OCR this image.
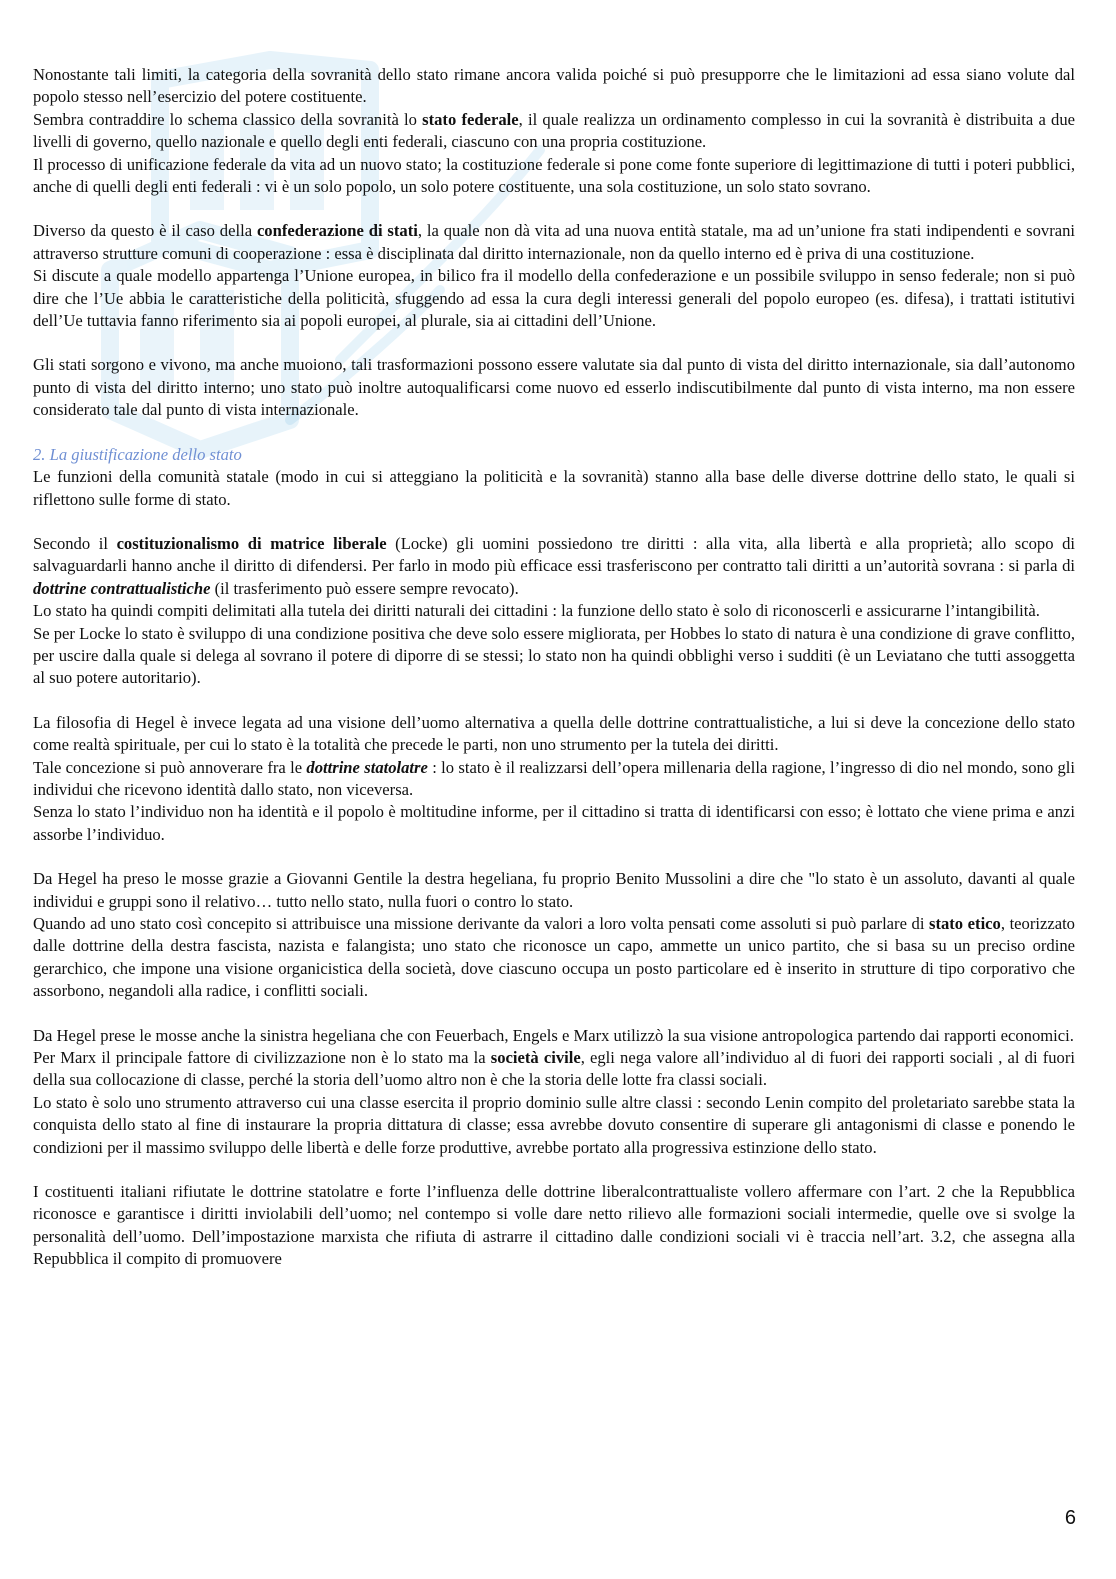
Nonostante tali limiti, la categoria della sovranità dello stato rimane ancora valida poiché si può presupporre che le limitazioni ad essa siano volute dal popolo stesso nell’esercizio del potere costituente.

Sembra contraddire lo schema classico della sovranità lo stato federale, il quale realizza un ordinamento complesso in cui la sovranità è distribuita a due livelli di governo, quello nazionale e quello degli enti federali, ciascuno con una propria costituzione.

Il processo di unificazione federale da vita ad un nuovo stato; la costituzione federale si pone come fonte superiore di legittimazione di tutti i poteri pubblici, anche di quelli degli enti federali : vi è un solo popolo, un solo potere costituente, una sola costituzione, un solo stato sovrano.

Diverso da questo è il caso della confederazione di stati, la quale non dà vita ad una nuova entità statale, ma ad un’unione fra stati indipendenti e sovrani attraverso strutture comuni di cooperazione : essa è disciplinata dal diritto internazionale, non da quello interno ed è priva di una costituzione.

Si discute a quale modello appartenga l’Unione europea, in bilico fra il modello della confederazione e un possibile sviluppo in senso federale; non si può dire che l’Ue abbia le caratteristiche della politicità, sfuggendo ad essa la cura degli interessi generali del popolo europeo (es. difesa), i trattati istitutivi dell’Ue tuttavia fanno riferimento sia ai popoli europei, al plurale, sia ai cittadini dell’Unione.

Gli stati sorgono e vivono, ma anche muoiono, tali trasformazioni possono essere valutate sia dal punto di vista del diritto internazionale, sia dall’autonomo punto di vista del diritto interno; uno stato può inoltre autoqualificarsi come nuovo ed esserlo indiscutibilmente dal punto di vista interno, ma non essere considerato tale dal punto di vista internazionale.

2. La giustificazione dello stato

Le funzioni della comunità statale (modo in cui si atteggiano la politicità e la sovranità) stanno alla base delle diverse dottrine dello stato, le quali si riflettono sulle forme di stato.

Secondo il costituzionalismo di matrice liberale (Locke) gli uomini possiedono tre diritti : alla vita, alla libertà e alla proprietà; allo scopo di salvaguardarli hanno anche il diritto di difendersi. Per farlo in modo più efficace essi trasferiscono per contratto tali diritti a un’autorità sovrana : si parla di dottrine contrattualistiche (il trasferimento può essere sempre revocato).

Lo stato ha quindi compiti delimitati alla tutela dei diritti naturali dei cittadini : la funzione dello stato è solo di riconoscerli e assicurarne l’intangibilità.

Se per Locke lo stato è sviluppo di una condizione positiva che deve solo essere migliorata, per Hobbes lo stato di natura è una condizione di grave conflitto, per uscire dalla quale si delega al sovrano il potere di diporre di se stessi; lo stato non ha quindi obblighi verso i sudditi (è un Leviatano che tutti assoggetta al suo potere autoritario).

La filosofia di Hegel è invece legata ad una visione dell’uomo alternativa a quella delle dottrine contrattualistiche, a lui si deve la concezione dello stato come realtà spirituale, per cui lo stato è la totalità che precede le parti, non uno strumento per la tutela dei diritti.

Tale concezione si può annoverare fra le dottrine statolatre : lo stato è il realizzarsi dell’opera millenaria della ragione, l’ingresso di dio nel mondo, sono gli individui che ricevono identità dallo stato, non viceversa.

Senza lo stato l’individuo non ha identità e il popolo è moltitudine informe, per il cittadino si tratta di identificarsi con esso; è lottato che viene prima e anzi assorbe l’individuo.

Da Hegel ha preso le mosse grazie a Giovanni Gentile la destra hegeliana, fu proprio Benito Mussolini a dire che "lo stato è un assoluto, davanti al quale individui e gruppi sono il relativo… tutto nello stato, nulla fuori o contro lo stato.

Quando ad uno stato così concepito si attribuisce una missione derivante da valori a loro volta pensati come assoluti si può parlare di stato etico, teorizzato dalle dottrine della destra fascista, nazista e falangista; uno stato che riconosce un capo, ammette un unico partito, che si basa su un preciso ordine gerarchico, che impone una visione organicistica della società, dove ciascuno occupa un posto particolare ed è inserito in strutture di tipo corporativo che assorbono, negandoli alla radice, i conflitti sociali.

Da Hegel prese le mosse anche la sinistra hegeliana che con Feuerbach, Engels e Marx utilizzò la sua visione antropologica partendo dai rapporti economici.

Per Marx il principale fattore di civilizzazione non è lo stato ma la società civile, egli nega valore all’individuo al di fuori dei rapporti sociali , al di fuori della sua collocazione di classe, perché la storia dell’uomo altro non è che la storia delle lotte fra classi sociali.

Lo stato è solo uno strumento attraverso cui una classe esercita il proprio dominio sulle altre classi : secondo Lenin compito del proletariato sarebbe stata la conquista dello stato al fine di instaurare la propria dittatura di classe; essa avrebbe dovuto consentire di superare gli antagonismi di classe e ponendo le condizioni per il massimo sviluppo delle libertà e delle forze produttive, avrebbe portato alla progressiva estinzione dello stato.

I costituenti italiani rifiutate le dottrine statolatre e forte l’influenza delle dottrine liberalcontrattualiste vollero affermare con l’art. 2 che la Repubblica riconosce e garantisce i diritti inviolabili dell’uomo; nel contempo si volle dare netto rilievo alle formazioni sociali intermedie, quelle ove si svolge la personalità dell’uomo. Dell’impostazione marxista che rifiuta di astrarre il cittadino dalle condizioni sociali vi è traccia nell’art. 3.2, che assegna alla Repubblica il compito di promuovere

6
